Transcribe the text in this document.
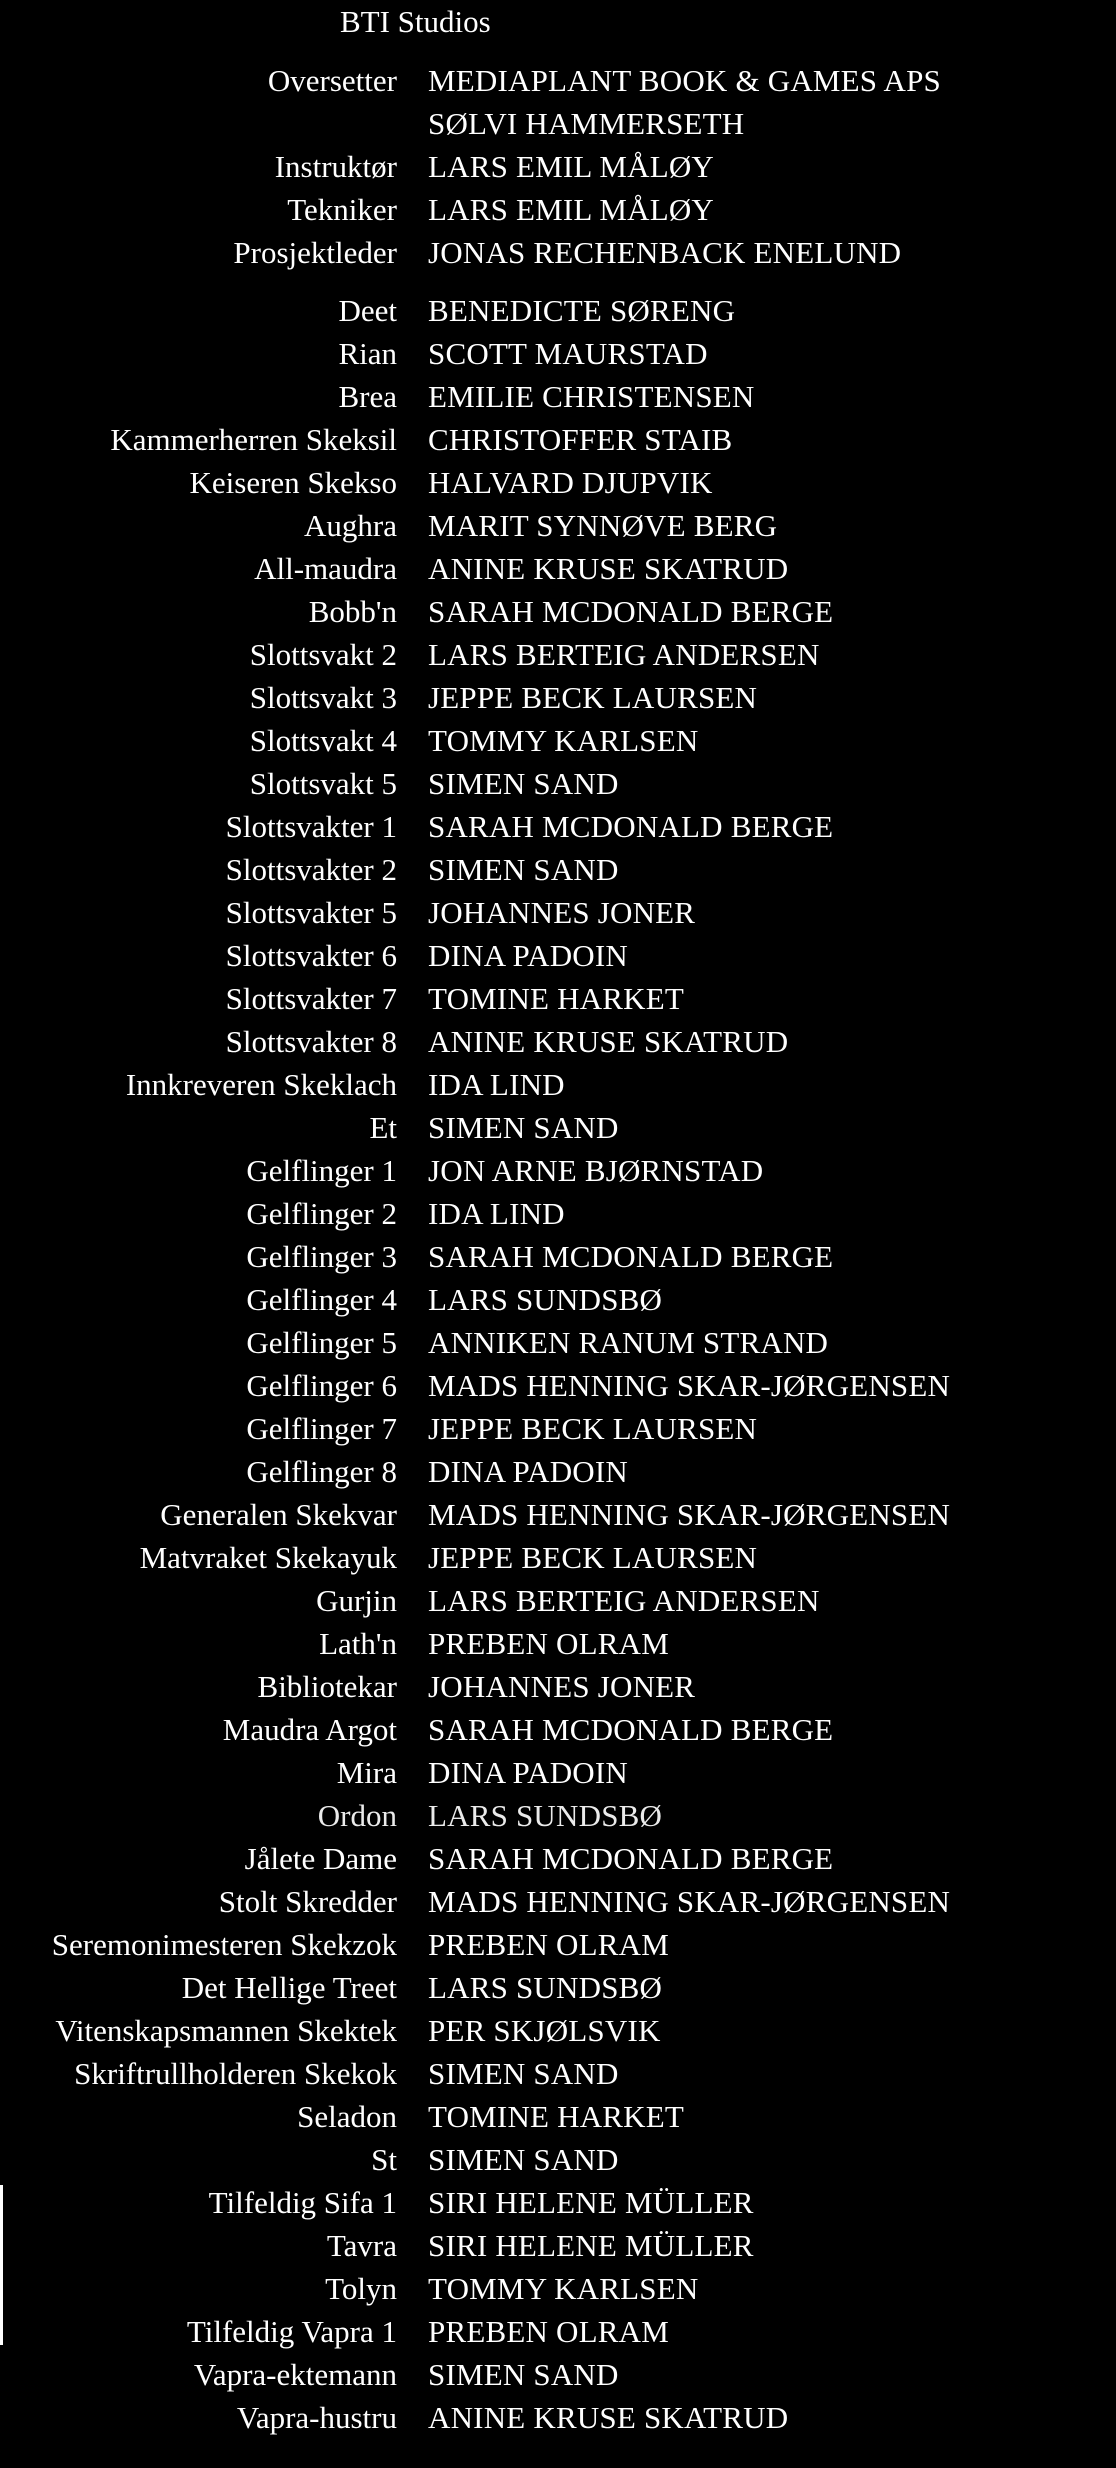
BTI Studios
Oversetter MEDIAPLANT BOOK & GAMES APS
SØLVI HAMMERSETH
Instruktør LARS EMIL MÅLØY
Tekniker LARS EMIL MÅLØY
Prosjektleder JONAS RECHENBACK ENELUND
Deet BENEDICTE SØRENG
Rian SCOTT MAURSTAD
Brea EMILIE CHRISTENSEN
Kammerherren Skeksil CHRISTOFFER STAIB
Keiseren Skekso HALVARD DJUPVIK
Aughra MARIT SYNNØVE BERG
All-maudra ANINE KRUSE SKATRUD
Bobb'n SARAH MCDONALD BERGE
Slottsvakt 2 LARS BERTEIG ANDERSEN
Slottsvakt 3 JEPPE BECK LAURSEN
Slottsvakt 4 TOMMY KARLSEN
Slottsvakt 5 SIMEN SAND
Slottsvakter 1 SARAH MCDONALD BERGE
Slottsvakter 2 SIMEN SAND
Slottsvakter 5 JOHANNES JONER
Slottsvakter 6 DINA PADOIN
Slottsvakter 7 TOMINE HARKET
Slottsvakter 8 ANINE KRUSE SKATRUD
Innkreveren Skeklach IDA LIND
Et SIMEN SAND
Gelflinger 1 JON ARNE BJØRNSTAD
Gelflinger 2 IDA LIND
Gelflinger 3 SARAH MCDONALD BERGE
Gelflinger 4 LARS SUNDSBØ
Gelflinger 5 ANNIKEN RANUM STRAND
Gelflinger 6 MADS HENNING SKAR-JØRGENSEN
Gelflinger 7 JEPPE BECK LAURSEN
Gelflinger 8 DINA PADOIN
Generalen Skekvar MADS HENNING SKAR-JØRGENSEN
Matvraket Skekayuk JEPPE BECK LAURSEN
Gurjin LARS BERTEIG ANDERSEN
Lath'n PREBEN OLRAM
Bibliotekar JOHANNES JONER
Maudra Argot SARAH MCDONALD BERGE
Mira DINA PADOIN
Ordon LARS SUNDSBØ
Jålete Dame SARAH MCDONALD BERGE
Stolt Skredder MADS HENNING SKAR-JØRGENSEN
Seremonimesteren Skekzok PREBEN OLRAM
Det Hellige Treet LARS SUNDSBØ
Vitenskapsmannen Skektek PER SKJØLSVIK
Skriftrullholderen Skekok SIMEN SAND
Seladon TOMINE HARKET
St SIMEN SAND
Tilfeldig Sifa 1 SIRI HELENE MÜLLER
Tavra SIRI HELENE MÜLLER
Tolyn TOMMY KARLSEN
Tilfeldig Vapra 1 PREBEN OLRAM
Vapra-ektemann SIMEN SAND
Vapra-hustru ANINE KRUSE SKATRUD
